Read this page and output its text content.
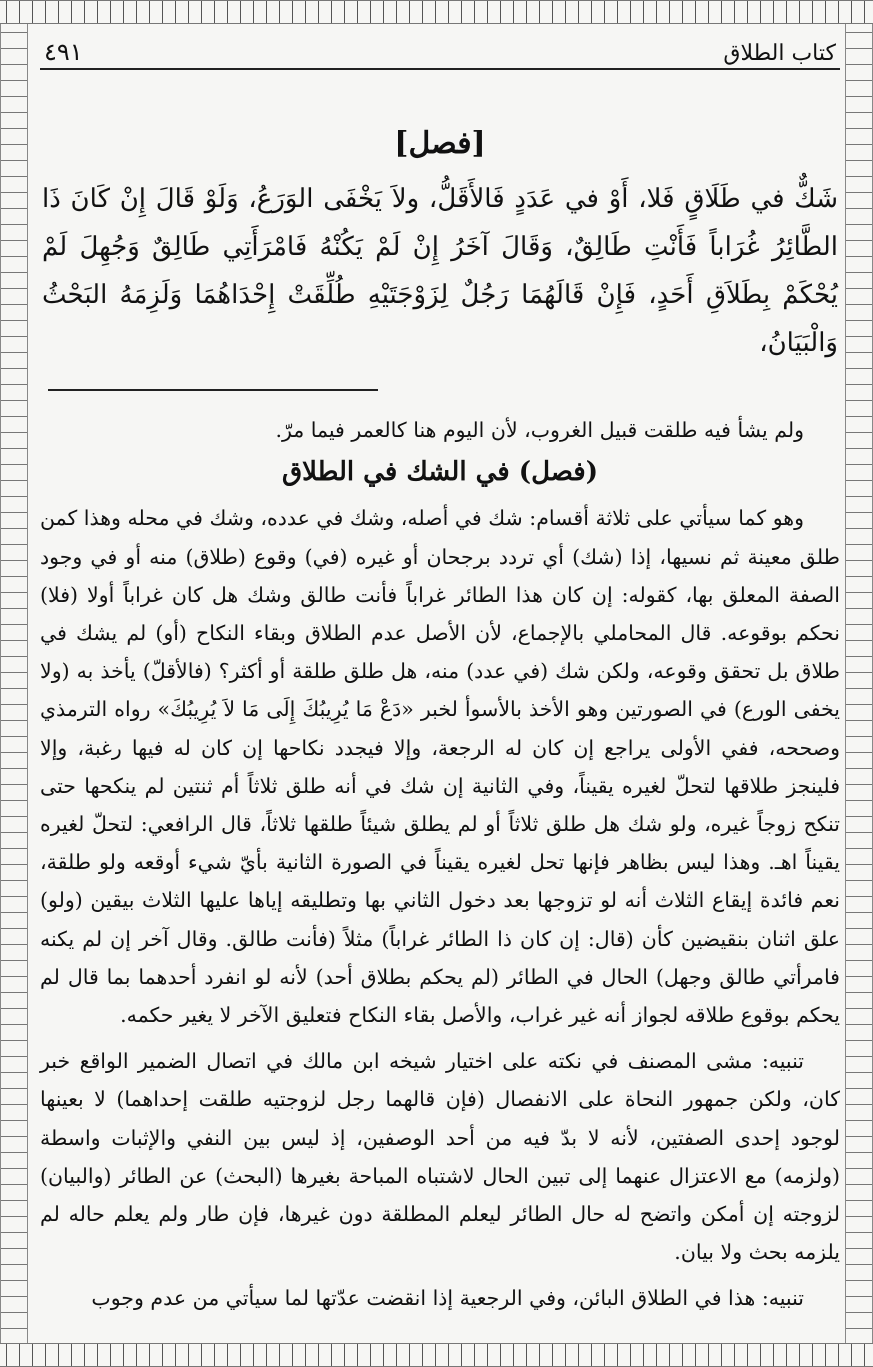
كتاب الطلاق
٤٩١
[فصل]
شَكٌّ في طَلَاقٍ فَلا، أَوْ في عَدَدٍ فَالأَقَلُّ، ولاَ يَخْفَى الوَرَعُ، وَلَوْ قَالَ إِنْ كَانَ ذَا الطَّائِرُ غُرَاباً فَأَنْتِ طَالِقٌ، وَقَالَ آخَرُ إِنْ لَمْ يَكُنْهُ فَامْرَأَتِي طَالِقٌ وَجُهِلَ لَمْ يُحْكَمْ بِطَلاَقِ أَحَدٍ، فَإِنْ قَالَهُمَا رَجُلٌ لِزَوْجَتَيْهِ طُلِّقَتْ إِحْدَاهُمَا وَلَزِمَهُ البَحْثُ وَالْبَيَانُ،

ولم يشأ فيه طلقت قبيل الغروب، لأن اليوم هنا كالعمر فيما مرّ.

(فصل) في الشك في الطلاق

وهو كما سيأتي على ثلاثة أقسام: شك في أصله، وشك في عدده، وشك في محله وهذا كمن طلق معينة ثم نسيها، إذا (شك) أي تردد برجحان أو غيره (في) وقوع (طلاق) منه أو في وجود الصفة المعلق بها، كقوله: إن كان هذا الطائر غراباً فأنت طالق وشك هل كان غراباً أولا (فلا) نحكم بوقوعه. قال المحاملي بالإجماع، لأن الأصل عدم الطلاق وبقاء النكاح (أو) لم يشك في طلاق بل تحقق وقوعه، ولكن شك (في عدد) منه، هل طلق طلقة أو أكثر؟ (فالأقلّ) يأخذ به (ولا يخفى الورع) في الصورتين وهو الأخذ بالأسوأ لخبر «دَعْ مَا يُرِيبُكَ إِلَى مَا لاَ يُرِيبُكَ» رواه الترمذي وصححه، ففي الأولى يراجع إن كان له الرجعة، وإلا فيجدد نكاحها إن كان له فيها رغبة، وإلا فلينجز طلاقها لتحلّ لغيره يقيناً، وفي الثانية إن شك في أنه طلق ثلاثاً أم ثنتين لم ينكحها حتى تنكح زوجاً غيره، ولو شك هل طلق ثلاثاً أو لم يطلق شيئاً طلقها ثلاثاً، قال الرافعي: لتحلّ لغيره يقيناً اهـ. وهذا ليس بظاهر فإنها تحل لغيره يقيناً في الصورة الثانية بأيّ شيء أوقعه ولو طلقة، نعم فائدة إيقاع الثلاث أنه لو تزوجها بعد دخول الثاني بها وتطليقه إياها عليها الثلاث بيقين (ولو) علق اثنان بنقيضين كأن (قال: إن كان ذا الطائر غراباً) مثلاً (فأنت طالق. وقال آخر إن لم يكنه فامرأتي طالق وجهل) الحال في الطائر (لم يحكم بطلاق أحد) لأنه لو انفرد أحدهما بما قال لم يحكم بوقوع طلاقه لجواز أنه غير غراب، والأصل بقاء النكاح فتعليق الآخر لا يغير حكمه.

تنبيه: مشى المصنف في نكته على اختيار شيخه ابن مالك في اتصال الضمير الواقع خبر كان، ولكن جمهور النحاة على الانفصال (فإن قالهما رجل لزوجتيه طلقت إحداهما) لا بعينها لوجود إحدى الصفتين، لأنه لا بدّ فيه من أحد الوصفين، إذ ليس بين النفي والإثبات واسطة (ولزمه) مع الاعتزال عنهما إلى تبين الحال لاشتباه المباحة بغيرها (البحث) عن الطائر (والبيان) لزوجته إن أمكن واتضح له حال الطائر ليعلم المطلقة دون غيرها، فإن طار ولم يعلم حاله لم يلزمه بحث ولا بيان.

تنبيه: هذا في الطلاق البائن، وفي الرجعية إذا انقضت عدّتها لما سيأتي من عدم وجوب
